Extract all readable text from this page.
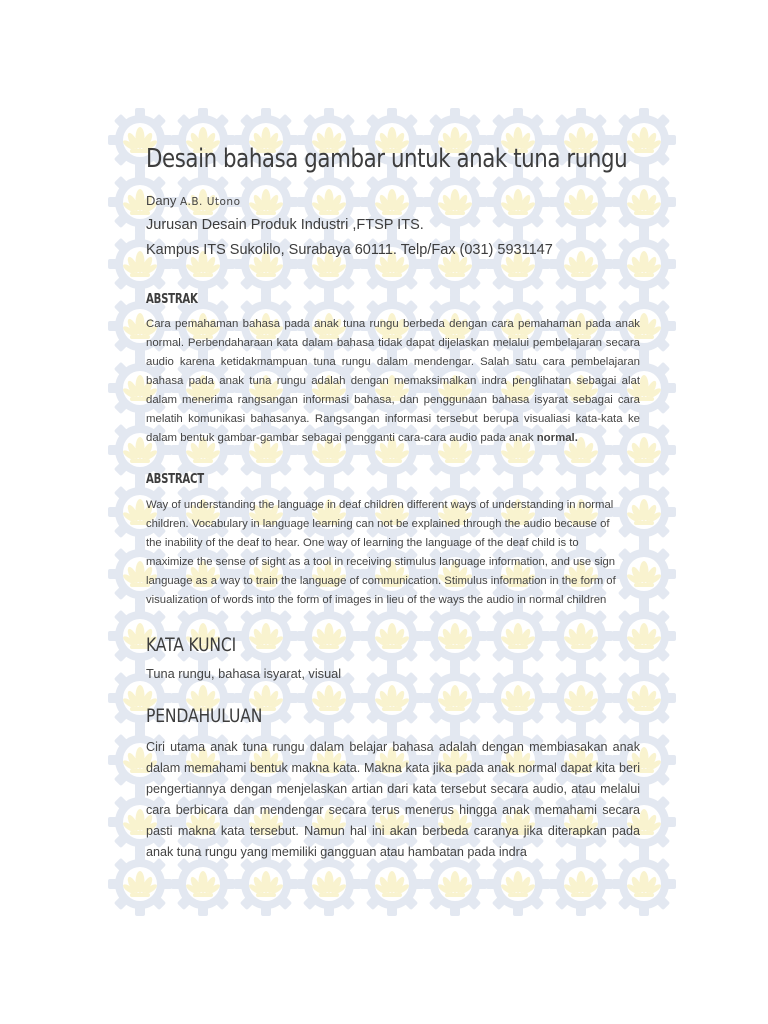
Desain bahasa gambar untuk anak tuna rungu
Dany A.B. Utono
Jurusan Desain Produk Industri ,FTSP ITS.
Kampus ITS Sukolilo, Surabaya 60111. Telp/Fax (031) 5931147
ABSTRAK

Cara pemahaman bahasa pada anak tuna rungu berbeda dengan cara pemahaman pada anak normal. Perbendaharaan kata dalam bahasa tidak dapat dijelaskan melalui pembelajaran secara audio karena ketidakmampuan tuna rungu dalam mendengar. Salah satu cara pembelajaran bahasa pada anak tuna rungu adalah dengan memaksimalkan indra penglihatan sebagai alat dalam menerima rangsangan informasi bahasa, dan penggunaan bahasa isyarat sebagai cara melatih komunikasi bahasanya. Rangsangan informasi tersebut berupa visualiasi kata-kata ke dalam bentuk gambar-gambar sebagai pengganti cara-cara audio pada anak normal.

ABSTRACT
Way of understanding the language in deaf children different ways of understanding in normal
children. Vocabulary in language learning can not be explained through the audio because of
the inability of the deaf to hear. One way of learning the language of the deaf child is to
maximize the sense of sight as a tool in receiving stimulus language information, and use sign
language as a way to train the language of communication. Stimulus information in the form of
visualization of words into the form of images in lieu of the ways the audio in normal children
KATA KUNCI
Tuna rungu, bahasa isyarat, visual
PENDAHULUAN

Ciri utama anak tuna rungu dalam belajar bahasa adalah dengan membiasakan anak dalam memahami bentuk makna kata. Makna kata jika pada anak normal dapat kita beri pengertiannya dengan menjelaskan artian dari kata tersebut secara audio, atau melalui cara berbicara dan mendengar secara terus menerus hingga anak memahami secara pasti makna kata tersebut. Namun hal ini akan berbeda caranya jika diterapkan pada anak tuna rungu yang memiliki gangguan atau hambatan pada indra
